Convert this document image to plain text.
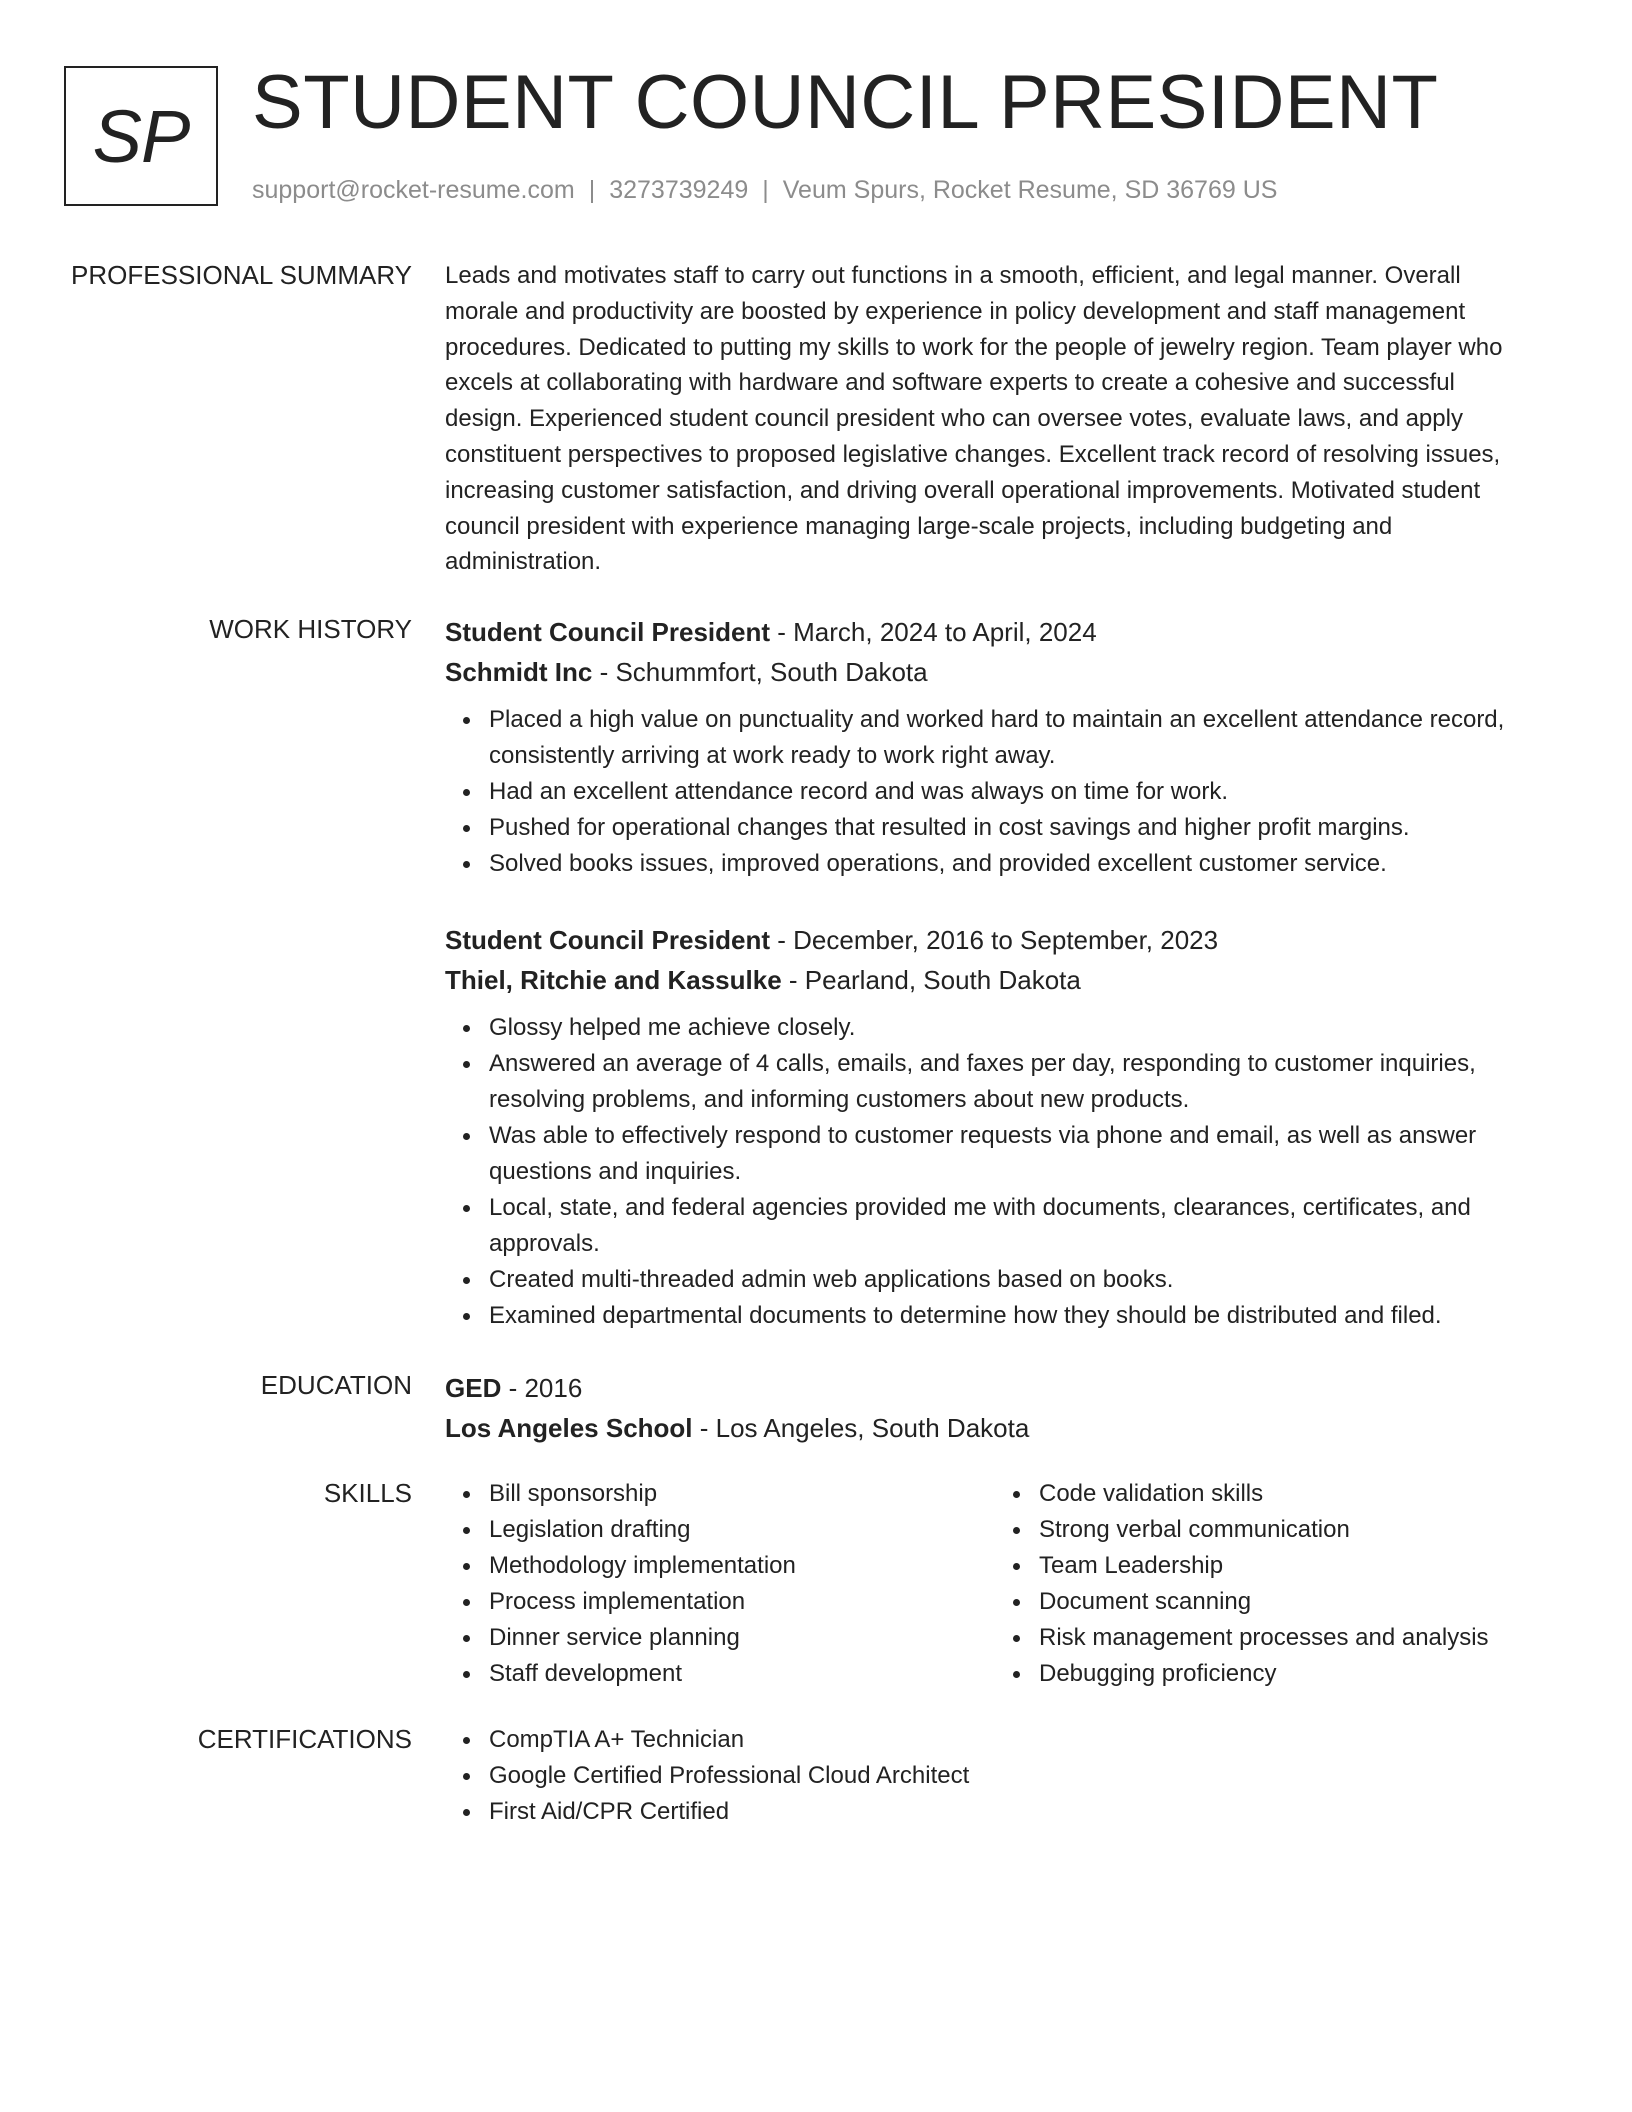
SP STUDENT COUNCIL PRESIDENT
support@rocket-resume.com | 3273739249 | Veum Spurs, Rocket Resume, SD 36769 US
PROFESSIONAL SUMMARY Leads and motivates staff to carry out functions in a smooth, efficient, and legal manner. Overall
morale and productivity are boosted by experience in policy development and staff management
procedures. Dedicated to putting my skills to work for the people of jewelry region. Team player who
excels at collaborating with hardware and software experts to create a cohesive and successful
design. Experienced student council president who can oversee votes, evaluate laws, and apply
constituent perspectives to proposed legislative changes. Excellent track record of resolving issues,
increasing customer satisfaction, and driving overall operational improvements. Motivated student
council president with experience managing large-scale projects, including budgeting and
administration.
WORK HISTORY Student Council President - March, 2024 to April, 2024
Schmidt Inc - Schummfort, South Dakota
Placed a high value on punctuality and worked hard to maintain an excellent attendance record,
consistently arriving at work ready to work right away.
Had an excellent attendance record and was always on time for work.
Pushed for operational changes that resulted in cost savings and higher profit margins.
Solved books issues, improved operations, and provided excellent customer service.
Student Council President - December, 2016 to September, 2023
Thiel, Ritchie and Kassulke - Pearland, South Dakota
Glossy helped me achieve closely.
Answered an average of 4 calls, emails, and faxes per day, responding to customer inquiries,
resolving problems, and informing customers about new products.
Was able to effectively respond to customer requests via phone and email, as well as answer
questions and inquiries.
Local, state, and federal agencies provided me with documents, clearances, certificates, and
approvals.
Created multi-threaded admin web applications based on books.
Examined departmental documents to determine how they should be distributed and filed.
EDUCATION GED - 2016
Los Angeles School - Los Angeles, South Dakota
SKILLS	Bill sponsorship
Legislation drafting
Methodology implementation
Process implementation
Dinner service planning
Staff development
Code validation skills
Strong verbal communication
Team Leadership
Document scanning
Risk management processes and analysis
Debugging proficiency
CERTIFICATIONS	CompTIA A+ Technician
Google Certified Professional Cloud Architect
First Aid/CPR Certified
